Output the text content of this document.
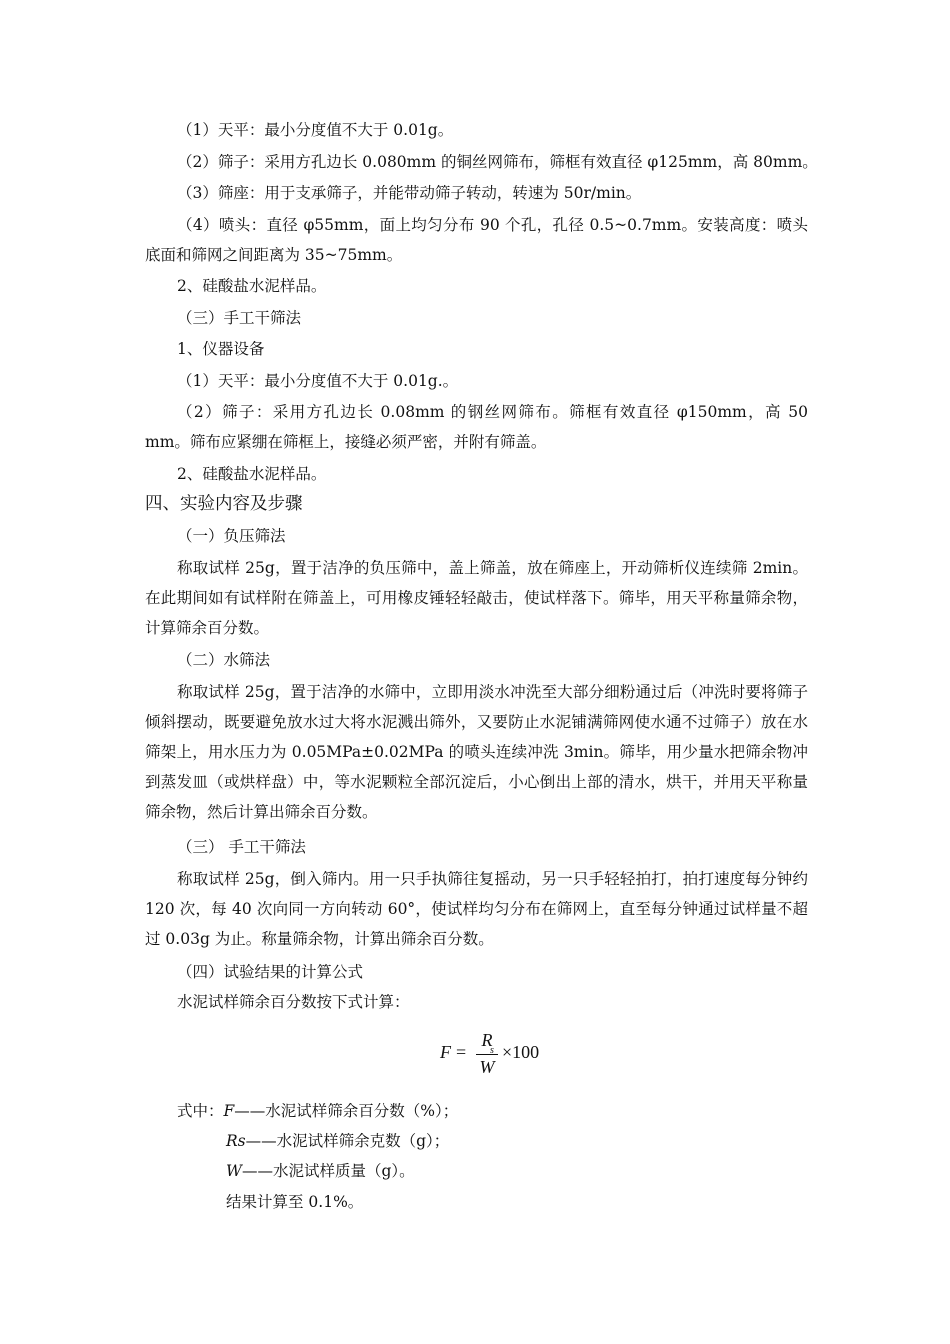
（1）天平：最小分度值不大于 0.01g。

（2）筛子：采用方孔边长 0.080mm 的铜丝网筛布，筛框有效直径 φ125mm，高 80mm。

（3）筛座：用于支承筛子，并能带动筛子转动，转速为 50r/min。

（4）喷头：直径 φ55mm，面上均匀分布 90 个孔，孔径 0.5~0.7mm。安装高度：喷头底面和筛网之间距离为 35~75mm。

2、硅酸盐水泥样品。

（三）手工干筛法

1、仪器设备

（1）天平：最小分度值不大于 0.01g.。

（2）筛子：采用方孔边长 0.08mm 的钢丝网筛布。筛框有效直径 φ150mm，高 50 mm。筛布应紧绷在筛框上，接缝必须严密，并附有筛盖。

2、硅酸盐水泥样品。

四、实验内容及步骤

（一）负压筛法

称取试样 25g，置于洁净的负压筛中，盖上筛盖，放在筛座上，开动筛析仪连续筛 2min。在此期间如有试样附在筛盖上，可用橡皮锤轻轻敲击，使试样落下。筛毕，用天平称量筛余物，计算筛余百分数。

（二）水筛法

称取试样 25g，置于洁净的水筛中，立即用淡水冲洗至大部分细粉通过后（冲洗时要将筛子倾斜摆动，既要避免放水过大将水泥溅出筛外，又要防止水泥铺满筛网使水通不过筛子）放在水筛架上，用水压力为 0.05MPa±0.02MPa 的喷头连续冲洗 3min。筛毕，用少量水把筛余物冲到蒸发皿（或烘样盘）中，等水泥颗粒全部沉淀后，小心倒出上部的清水，烘干，并用天平称量筛余物，然后计算出筛余百分数。

（三） 手工干筛法

称取试样 25g，倒入筛内。用一只手执筛往复摇动，另一只手轻轻拍打，拍打速度每分钟约 120 次，每 40 次向同一方向转动 60°，使试样均匀分布在筛网上，直至每分钟通过试样量不超过 0.03g 为止。称量筛余物，计算出筛余百分数。

（四）试验结果的计算公式

水泥试样筛余百分数按下式计算：

F =
R
s
W
×100
式中：F——水泥试样筛余百分数（%）；
Rs——水泥试样筛余克数（g）；
W——水泥试样质量（g）。
结果计算至 0.1%。
